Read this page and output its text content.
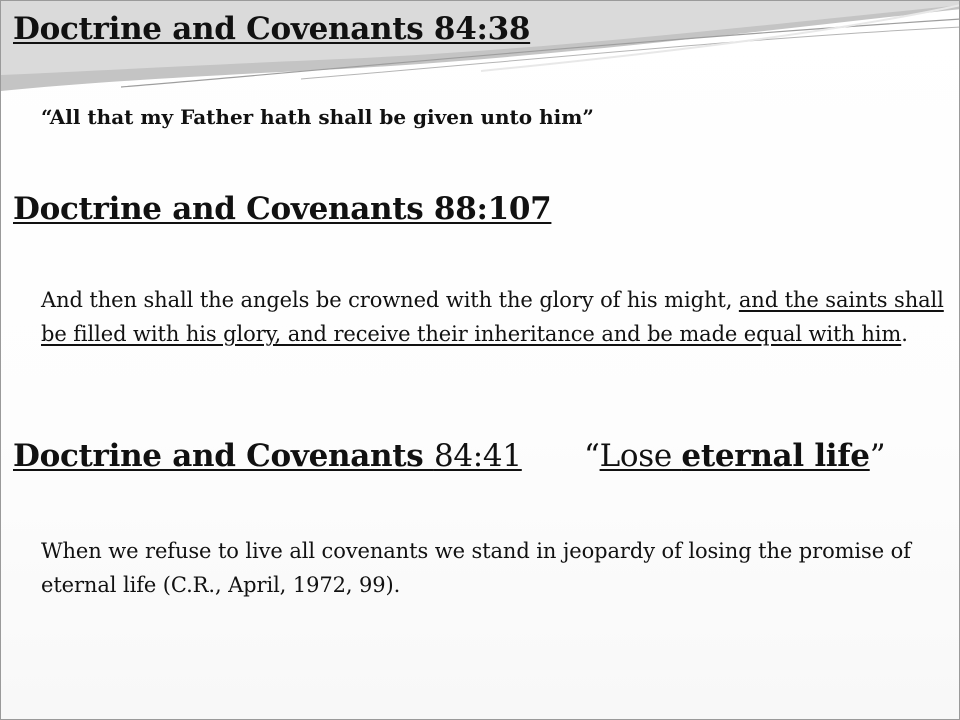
Doctrine and Covenants 84:38
“All that my Father hath shall be given unto him”
Doctrine and Covenants 88:107
And then shall the angels be crowned with the glory of his might, and the saints shall be filled with his glory, and receive their inheritance and be made equal with him.
Doctrine and Covenants 84:41 “Lose eternal life”
When we refuse to live all covenants we stand in jeopardy of losing the promise of eternal life (C.R., April, 1972, 99).
